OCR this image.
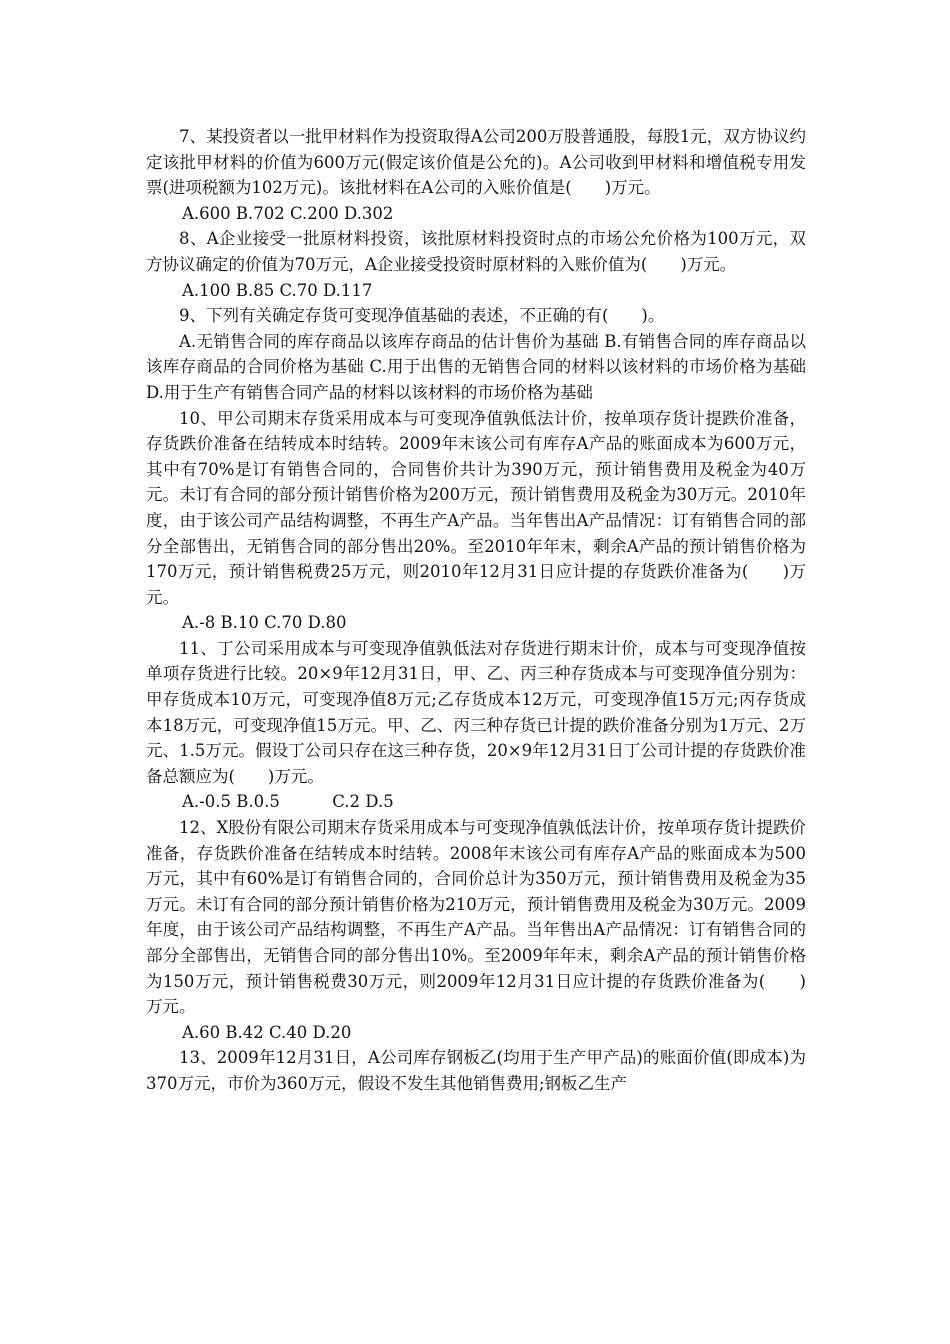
7、某投资者以一批甲材料作为投资取得A公司200万股普通股，每股1元，双方协议约定该批甲材料的价值为600万元(假定该价值是公允的)。A公司收到甲材料和增值税专用发票(进项税额为102万元)。该批材料在A公司的入账价值是(　　)万元。

A.600 B.702 C.200 D.302

8、A企业接受一批原材料投资，该批原材料投资时点的市场公允价格为100万元，双方协议确定的价值为70万元，A企业接受投资时原材料的入账价值为(　　)万元。

A.100 B.85 C.70 D.117

9、下列有关确定存货可变现净值基础的表述，不正确的有(　　)。

A.无销售合同的库存商品以该库存商品的估计售价为基础 B.有销售合同的库存商品以该库存商品的合同价格为基础 C.用于出售的无销售合同的材料以该材料的市场价格为基础 D.用于生产有销售合同产品的材料以该材料的市场价格为基础

10、甲公司期末存货采用成本与可变现净值孰低法计价，按单项存货计提跌价准备，存货跌价准备在结转成本时结转。2009年末该公司有库存A产品的账面成本为600万元，其中有70%是订有销售合同的，合同售价共计为390万元，预计销售费用及税金为40万元。未订有合同的部分预计销售价格为200万元，预计销售费用及税金为30万元。2010年度，由于该公司产品结构调整，不再生产A产品。当年售出A产品情况：订有销售合同的部分全部售出，无销售合同的部分售出20%。至2010年年末，剩余A产品的预计销售价格为170万元，预计销售税费25万元，则2010年12月31日应计提的存货跌价准备为(　　)万元。

A.-8 B.10 C.70 D.80

11、丁公司采用成本与可变现净值孰低法对存货进行期末计价，成本与可变现净值按单项存货进行比较。20×9年12月31日，甲、乙、丙三种存货成本与可变现净值分别为：甲存货成本10万元，可变现净值8万元;乙存货成本12万元，可变现净值15万元;丙存货成本18万元，可变现净值15万元。甲、乙、丙三种存货已计提的跌价准备分别为1万元、2万元、1.5万元。假设丁公司只存在这三种存货，20×9年12月31日丁公司计提的存货跌价准备总额应为(　　)万元。

A.-0.5 B.0.5          C.2 D.5

12、X股份有限公司期末存货采用成本与可变现净值孰低法计价，按单项存货计提跌价准备，存货跌价准备在结转成本时结转。2008年末该公司有库存A产品的账面成本为500万元，其中有60%是订有销售合同的，合同价总计为350万元，预计销售费用及税金为35万元。未订有合同的部分预计销售价格为210万元，预计销售费用及税金为30万元。2009年度，由于该公司产品结构调整，不再生产A产品。当年售出A产品情况：订有销售合同的部分全部售出，无销售合同的部分售出10%。至2009年年末，剩余A产品的预计销售价格为150万元，预计销售税费30万元，则2009年12月31日应计提的存货跌价准备为(　　)万元。

A.60 B.42 C.40 D.20

13、2009年12月31日，A公司库存钢板乙(均用于生产甲产品)的账面价值(即成本)为370万元，市价为360万元，假设不发生其他销售费用;钢板乙生产
